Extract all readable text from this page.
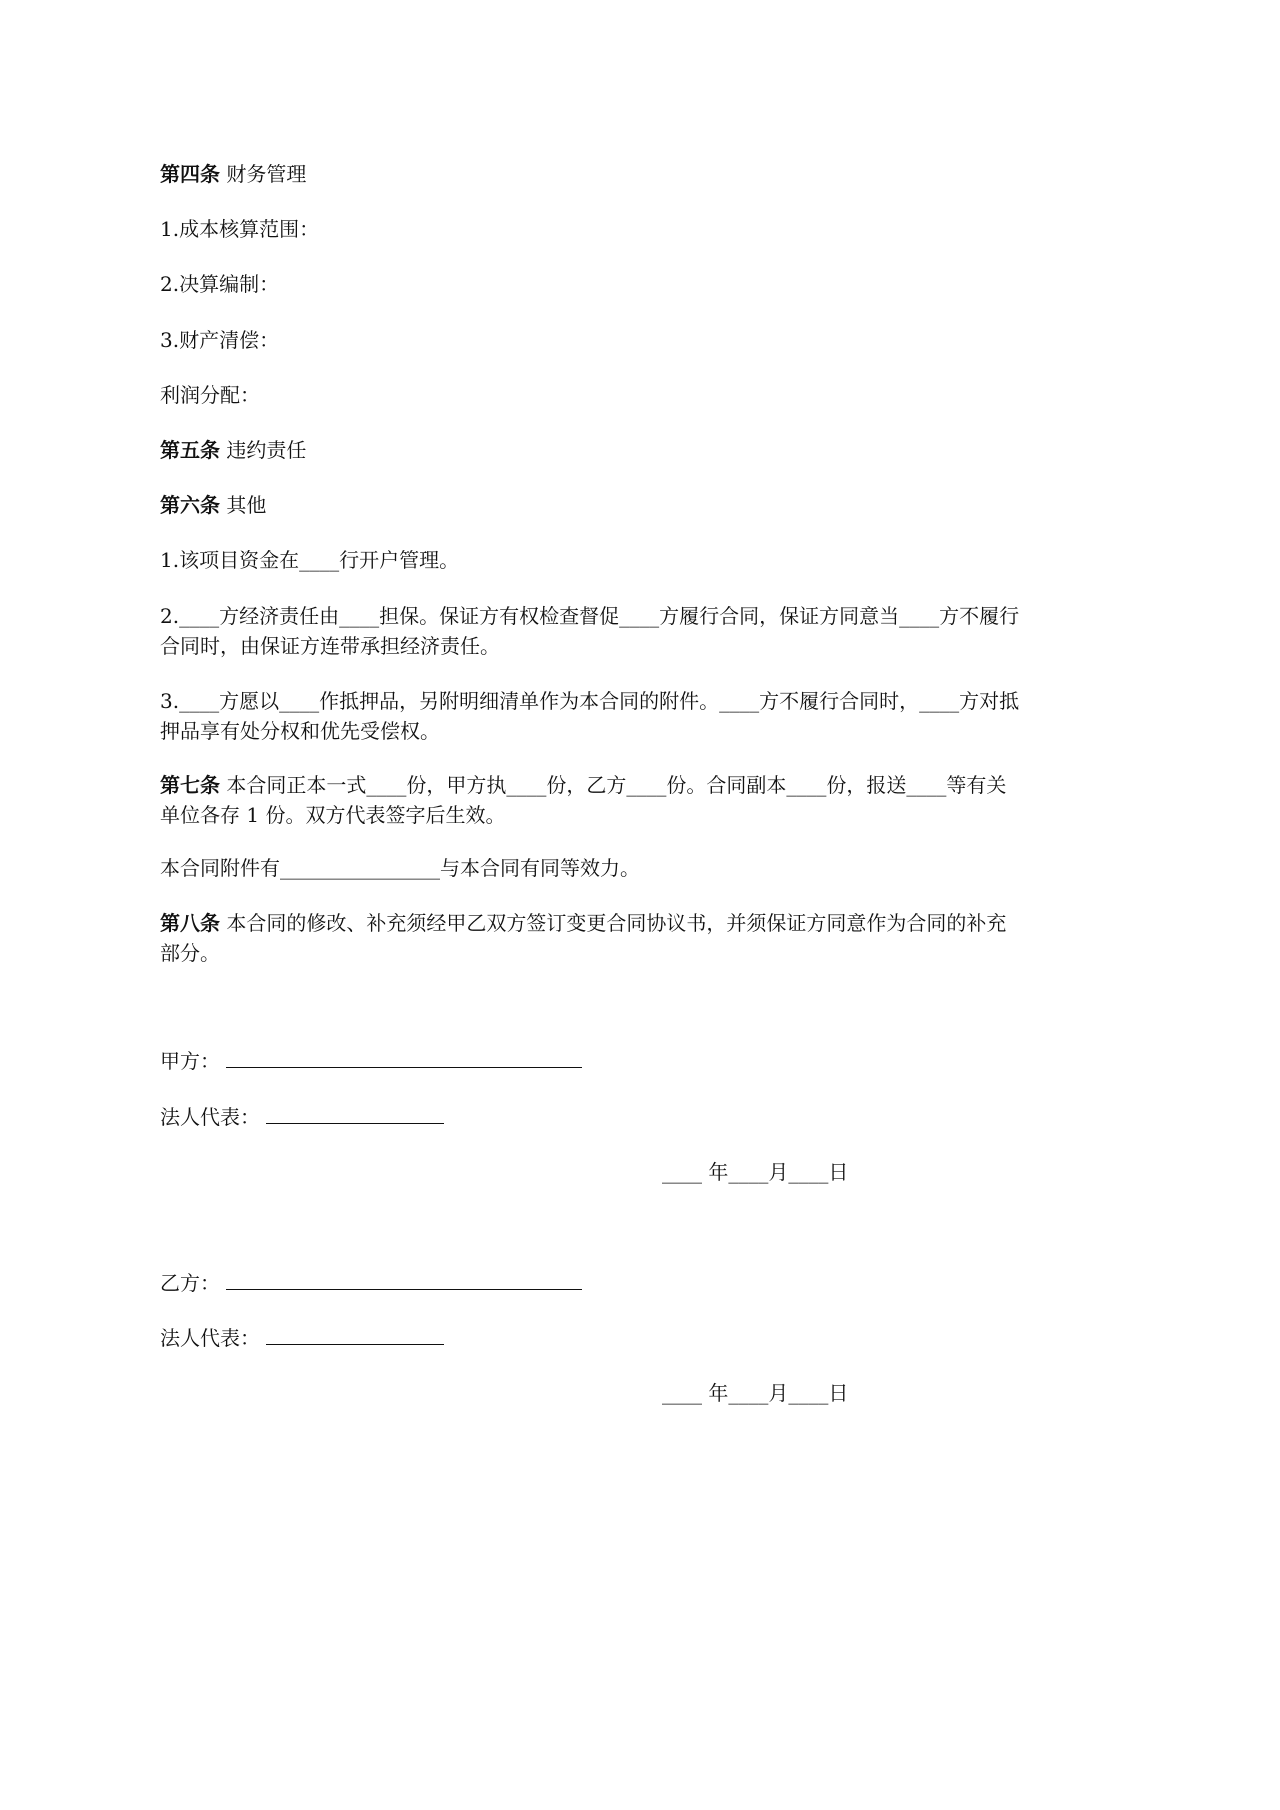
第四条 财务管理
1.成本核算范围：
2.决算编制：
3.财产清偿：
利润分配：
第五条 违约责任
第六条 其他
1.该项目资金在____行开户管理。
2.____方经济责任由____担保。保证方有权检查督促____方履行合同，保证方同意当____方不履行合同时，由保证方连带承担经济责任。
3.____方愿以____作抵押品，另附明细清单作为本合同的附件。____方不履行合同时，____方对抵押品享有处分权和优先受偿权。
第七条 本合同正本一式____份，甲方执____份，乙方____份。合同副本____份，报送____等有关单位各存 1 份。双方代表签字后生效。
本合同附件有________________与本合同有同等效力。
第八条 本合同的修改、补充须经甲乙双方签订变更合同协议书，并须保证方同意作为合同的补充部分。
甲方：
法人代表：
____ 年____月____日
乙方：
法人代表：
____ 年____月____日
